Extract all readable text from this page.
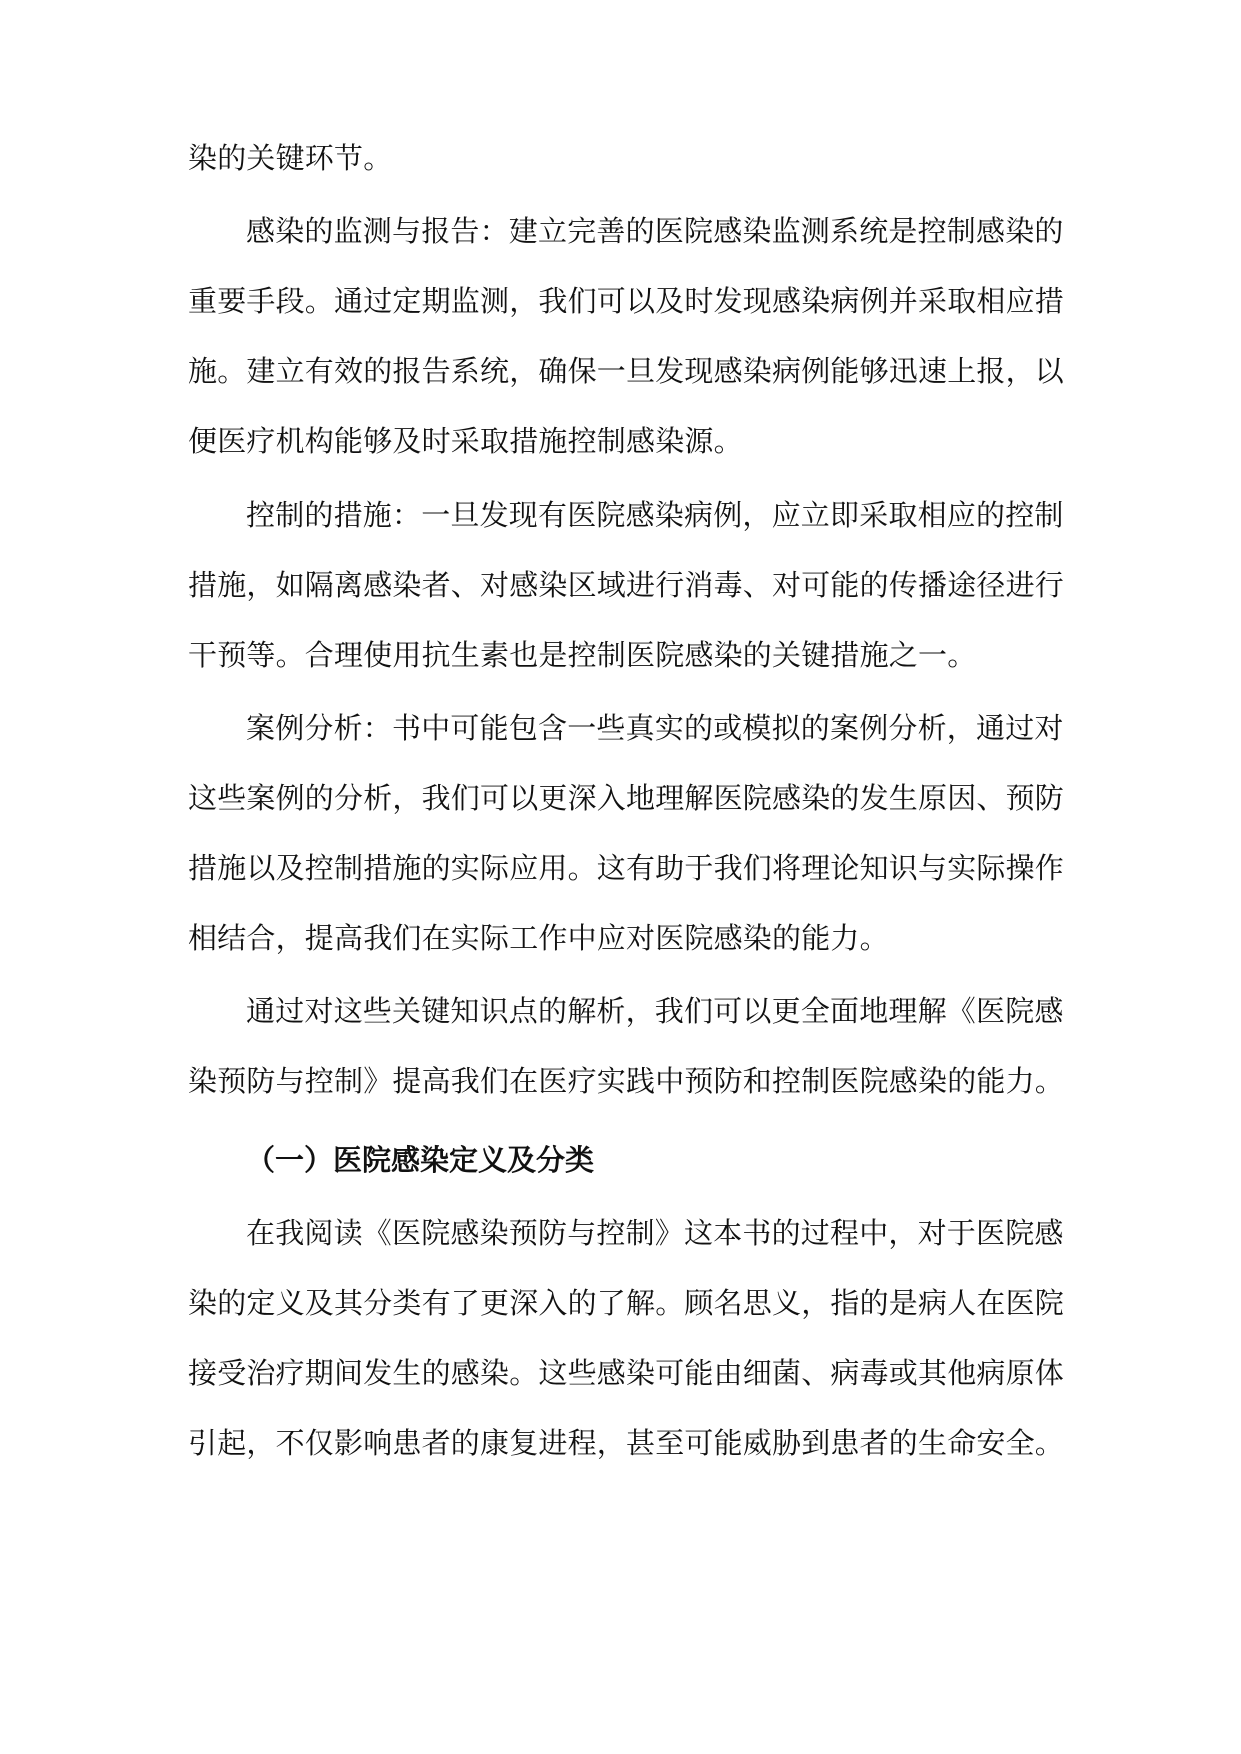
染的关键环节。
感染的监测与报告：建立完善的医院感染监测系统是控制感染的
重要手段。通过定期监测，我们可以及时发现感染病例并采取相应措
施。建立有效的报告系统，确保一旦发现感染病例能够迅速上报，以
便医疗机构能够及时采取措施控制感染源。
控制的措施：一旦发现有医院感染病例，应立即采取相应的控制
措施，如隔离感染者、对感染区域进行消毒、对可能的传播途径进行
干预等。合理使用抗生素也是控制医院感染的关键措施之一。
案例分析：书中可能包含一些真实的或模拟的案例分析，通过对
这些案例的分析，我们可以更深入地理解医院感染的发生原因、预防
措施以及控制措施的实际应用。这有助于我们将理论知识与实际操作
相结合，提高我们在实际工作中应对医院感染的能力。
通过对这些关键知识点的解析，我们可以更全面地理解《医院感
染预防与控制》提高我们在医疗实践中预防和控制医院感染的能力。
（一）医院感染定义及分类
在我阅读《医院感染预防与控制》这本书的过程中，对于医院感
染的定义及其分类有了更深入的了解。顾名思义，指的是病人在医院
接受治疗期间发生的感染。这些感染可能由细菌、病毒或其他病原体
引起，不仅影响患者的康复进程，甚至可能威胁到患者的生命安全。
